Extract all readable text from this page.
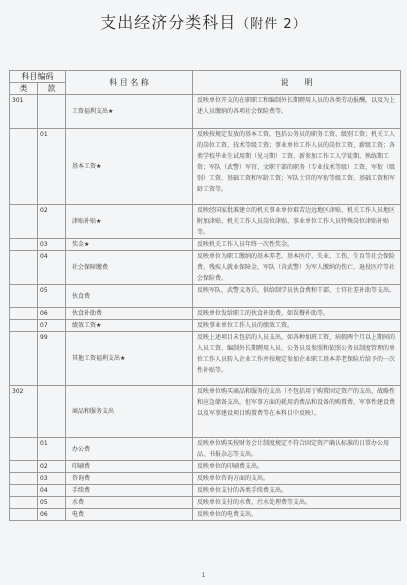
支出经济分类科目（附件 2）
科目编码		科 目 名 称	说　　明
类	款		
301		工资福利支出★	反映单位开支的在职职工和编制外长期聘用人员的各类劳动报酬，以及为上述人员缴纳的各项社会保险费等。
	01	基本工资★	反映按规定发放的基本工资，包括公务员的职务工资、级别工资；机关工人的岗位工资、技术等级工资；事业单位工作人员的岗位工资、薪级工资；各类学校毕业生试用期（见习期）工资、新参加工作工人学徒期、熟练期工资；军队（武警）军官、文职干部的职务（专业技术等级）工资、军衔（级别）工资、基础工资和军龄工资；军队士官的军衔等级工资、基础工资和军龄工资等。
	02	津贴补贴★	反映经国家批准建立的机关事业单位艰苦边远地区津贴、机关工作人员地区附加津贴、机关工作人员岗位津贴、事业单位工作人员特殊岗位津贴补贴等。
	03	奖金★	反映机关工作人员年终一次性奖金。
	04	社会保障缴费	反映单位为职工缴纳的基本养老、基本医疗、失业、工伤、生育等社会保险费，残疾人就业保障金，军队（含武警）为军人缴纳的伤亡、退役医疗等社会保险费。
	05	伙食费	反映军队、武警义务兵、供给制学员伙食费和干部、士官社差补助等支出。
	06	伙食补助费	反映单位发给职工的伙食补助费，如误餐补助等。
	07	绩效工资★	反映事业单位工作人员的绩效工资。
	99	其他工资福利支出★	反映上述项目未包括的人员支出，如各种加班工资、病假两个月以上期间的人员工资、编制外长期聘用人员、公务员及参照和依照公务员制度管理的单位工作人员转入企业工作并按规定参加企业职工基本养老保险后给予的一次性补贴等。
302		商品和服务支出	反映单位购买商品和服务的支出（不包括用于购置固定资产的支出、战略性和应急储备支出，但军事方面的耗用消费品和设备的购置费、军事性建设费以及军事建设项目购置费等在本科目中反映）。
	01	办公费	反映单位购买按财务会计制度规定不符合固定资产确认标准的日常办公用品、书报杂志等支出。
	02	印刷费	反映单位的印刷费支出。
	03	咨询费	反映单位咨询方面的支出。
	04	手续费	反映单位支付的各类手续费支出。
	05	水费	反映单位支付的水费、污水处理费等支出。
	06	电费	反映单位的电费支出。
1
